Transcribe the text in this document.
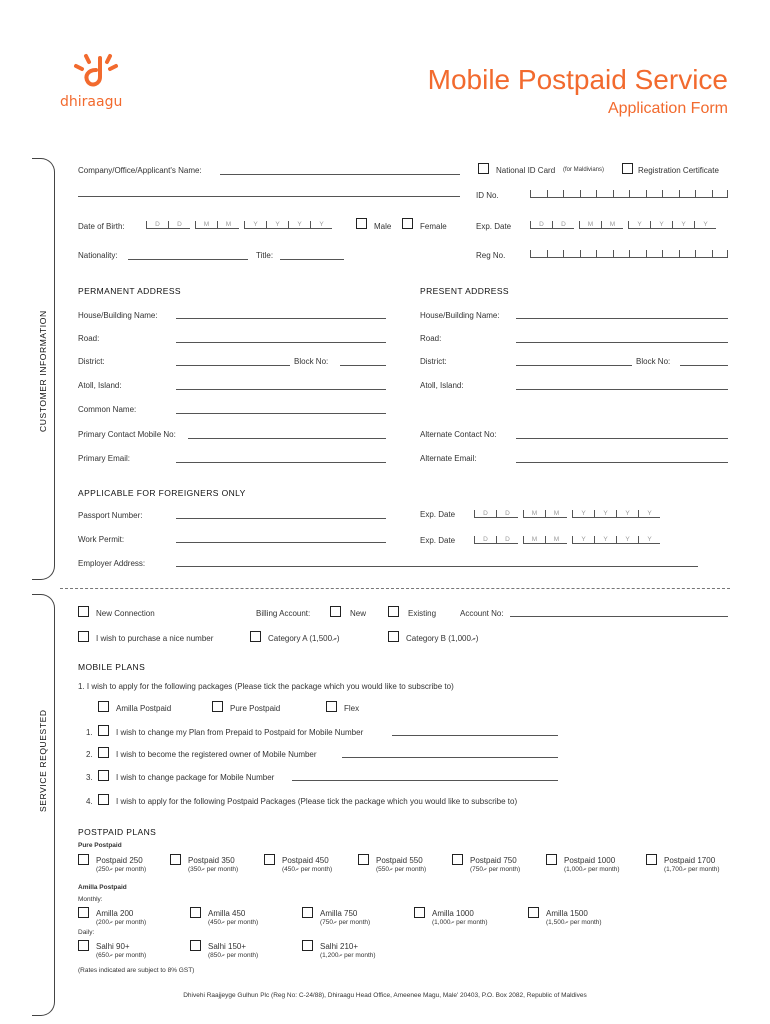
dhiraagu
Mobile Postpaid Service
Application Form
CUSTOMER INFORMATION
SERVICE REQUESTED
Company/Office/Applicant's Name:	National ID Card (for Maldivians)	Registration Certificate
ID No.
Date of Birth:	D	D	M	M	Y	Y	Y	Y	Male	Female	Exp. Date	D	D	M	M	Y	Y	Y	Y
Nationality:	Title:	Reg No.
PERMANENT ADDRESS	PRESENT ADDRESS
House/Building Name:	House/Building Name:
Road:	Road:
District:	Block No:	District:	Block No:
Atoll, Island:	Atoll, Island:
Common Name:
Primary Contact Mobile No:	Alternate Contact No:
Primary Email:	Alternate Email:
APPLICABLE FOR FOREIGNERS ONLY
Passport Number:	Exp. Date	D	D	M	M	Y	Y	Y	Y
Work Permit:	Exp. Date	D	D	M	M	Y	Y	Y	Y
Employer Address:
New Connection	Billing Account:	New	Existing	Account No:
I wish to purchase a nice number	Category A (ރ1,500)	Category B (ރ1,000)
MOBILE PLANS
1. I wish to apply for the following packages (Please tick the package which you would like to subscribe to)
Amilla Postpaid	Pure Postpaid	Flex
1.	I wish to change my Plan from Prepaid to Postpaid for Mobile Number
2.	I wish to become the registered owner of Mobile Number
3.	I wish to change package for Mobile Number
4.	I wish to apply for the following Postpaid Packages (Please tick the package which you would like to subscribe to)
POSTPAID PLANS
Pure Postpaid
Postpaid 250
(ރ250 per month)
Postpaid 350
(ރ350 per month)
Postpaid 450
(ރ450 per month)
Postpaid 550
(ރ550 per month)
Postpaid 750
(ރ750 per month)
Postpaid 1000
(ރ1,000 per month)
Postpaid 1700
(ރ1,700 per month)
Amilla Postpaid
Monthly:
Amilla 200
(ރ200 per month)
Amilla 450
(ރ450 per month)
Amilla 750
(ރ750 per month)
Amilla 1000
(ރ1,000 per month)
Amilla 1500
(ރ1,500 per month)
Daily:
Salhi 90+
(ރ650 per month)
Salhi 150+
(ރ850 per month)
Salhi 210+
(ރ1,200 per month)
(Rates indicated are subject to 8% GST)
Dhivehi Raajjeyge Gulhun Plc (Reg No: C-24/88), Dhiraagu Head Office, Ameenee Magu, Male' 20403, P.O. Box 2082, Republic of Maldives
